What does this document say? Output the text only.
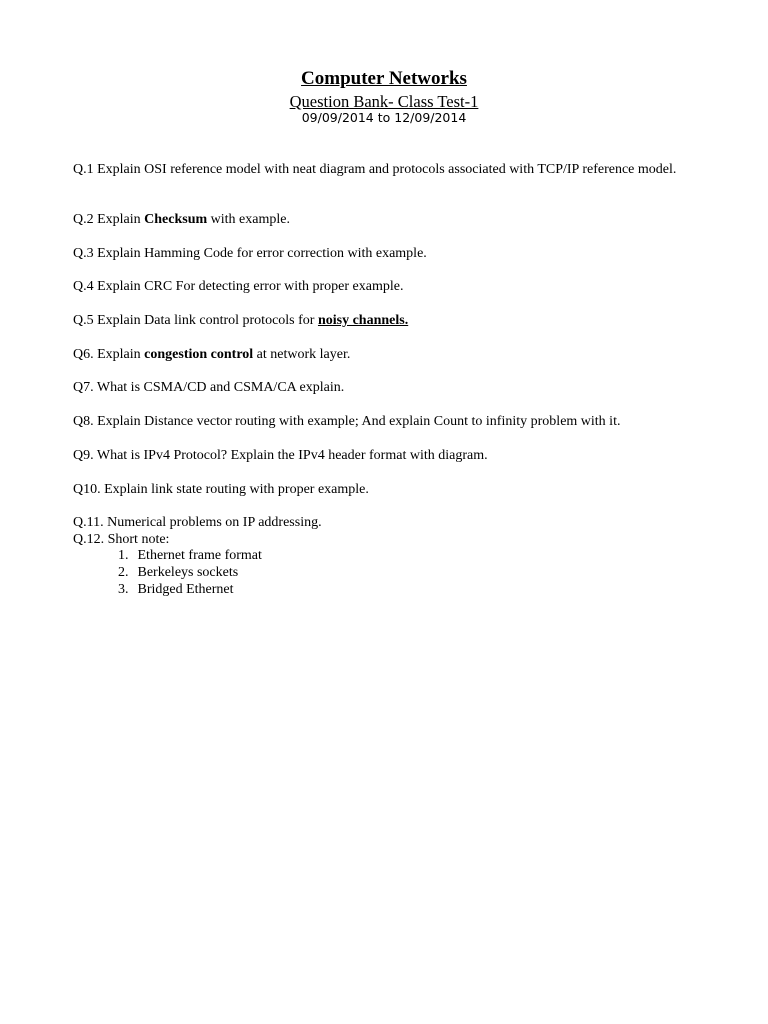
Computer Networks
Question Bank- Class Test-1
09/09/2014 to 12/09/2014

Q.1 Explain OSI reference model with neat diagram and protocols associated with TCP/IP reference model.

Q.2 Explain Checksum with example.

Q.3 Explain Hamming Code for error correction with example.

Q.4 Explain CRC For detecting error with proper example.

Q.5 Explain Data link control protocols for noisy channels.

Q6. Explain congestion control at network layer.

Q7. What is CSMA/CD and CSMA/CA explain.

Q8. Explain Distance vector routing with example; And explain Count to infinity problem with it.

Q9. What is IPv4 Protocol? Explain the IPv4 header format with diagram.

Q10. Explain link state routing with proper example.

Q.11. Numerical problems on IP addressing.

Q.12. Short note:

1. Ethernet frame format
2. Berkeleys sockets
3. Bridged Ethernet
